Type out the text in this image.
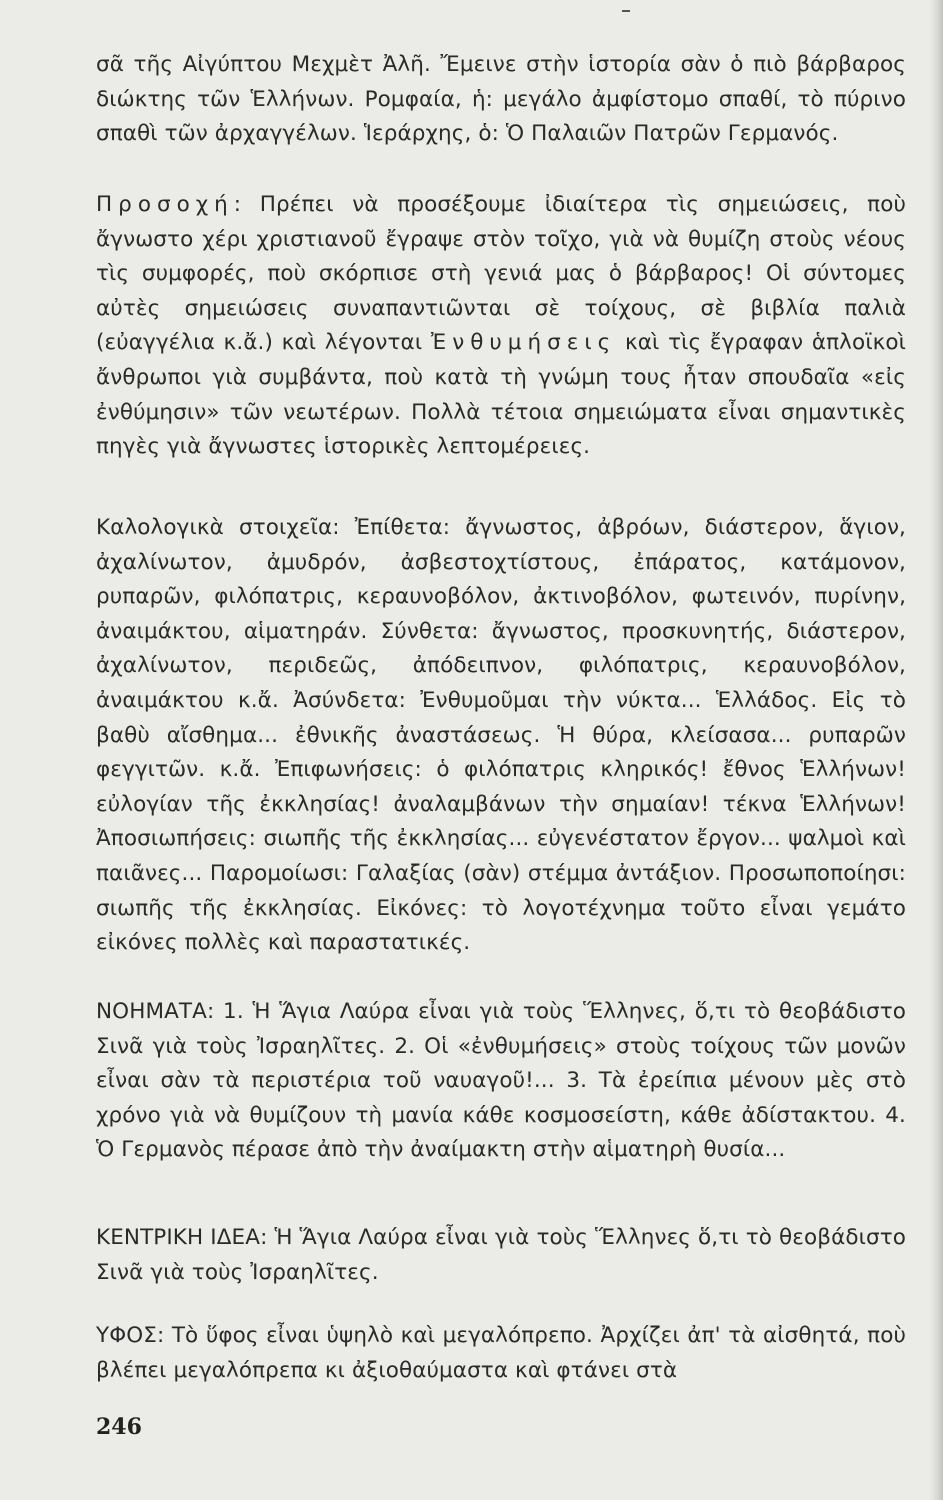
σᾶ τῆς Αἰγύπτου Μεχμὲτ Ἀλῆ. Ἔμεινε στὴν ἱστορία σὰν ὁ πιὸ βάρβαρος διώκτης τῶν Ἑλλήνων. Ρομφαία, ἡ: μεγάλο ἀμφίστομο σπαθί, τὸ πύρινο σπαθὶ τῶν ἀρχαγγέλων. Ἱεράρχης, ὁ: Ὁ Παλαιῶν Πατρῶν Γερμανός.

Προσοχή: Πρέπει νὰ προσέξουμε ἰδιαίτερα τὶς σημειώσεις, ποὺ ἄγνωστο χέρι χριστιανοῦ ἔγραψε στὸν τοῖχο, γιὰ νὰ θυμίζη στοὺς νέους τὶς συμφορές, ποὺ σκόρπισε στὴ γενιά μας ὁ βάρβαρος! Οἱ σύντομες αὐτὲς σημειώσεις συναπαντιῶνται σὲ τοίχους, σὲ βιβλία παλιὰ (εὐαγγέλια κ.ἄ.) καὶ λέγονται Ἐνθυμήσεις καὶ τὶς ἔγραφαν ἁπλοϊκοὶ ἄνθρωποι γιὰ συμβάντα, ποὺ κατὰ τὴ γνώμη τους ἦταν σπουδαῖα «εἰς ἐνθύμησιν» τῶν νεωτέρων. Πολλὰ τέτοια σημειώματα εἶναι σημαντικὲς πηγὲς γιὰ ἄγνωστες ἱστορικὲς λεπτομέρειες.

Καλολογικὰ στοιχεῖα: Ἐπίθετα: ἄγνωστος, ἀβρόων, διάστερον, ἅγιον, ἀχαλίνωτον, ἀμυδρόν, ἀσβεστοχτίστους, ἐπάρατος, κατάμονον, ρυπαρῶν, φιλόπατρις, κεραυνοβόλον, ἀκτινοβόλον, φωτεινόν, πυρίνην, ἀναιμάκτου, αἱματηράν. Σύνθετα: ἄγνωστος, προσκυνητής, διάστερον, ἀχαλίνωτον, περιδεῶς, ἀπόδειπνον, φιλόπατρις, κεραυνοβόλον, ἀναιμάκτου κ.ἄ. Ἀσύνδετα: Ἐνθυμοῦμαι τὴν νύκτα... Ἑλλάδος. Εἰς τὸ βαθὺ αἴσθημα... ἐθνικῆς ἀναστάσεως. Ἡ θύρα, κλείσασα... ρυπαρῶν φεγγιτῶν. κ.ἄ. Ἐπιφωνήσεις: ὁ φιλόπατρις κληρικός! ἔθνος Ἑλλήνων! εὐλογίαν τῆς ἐκκλησίας! ἀναλαμβάνων τὴν σημαίαν! τέκνα Ἑλλήνων! Ἀποσιωπήσεις: σιωπῆς τῆς ἐκκλησίας... εὐγενέστατον ἔργον... ψαλμοὶ καὶ παιᾶνες... Παρομοίωσι: Γαλαξίας (σὰν) στέμμα ἀντάξιον. Προσωποποίησι: σιωπῆς τῆς ἐκκλησίας. Εἰκόνες: τὸ λογοτέχνημα τοῦτο εἶναι γεμάτο εἰκόνες πολλὲς καὶ παραστατικές.

ΝΟΗΜΑΤΑ: 1. Ἡ Ἅγια Λαύρα εἶναι γιὰ τοὺς Ἕλληνες, ὅ,τι τὸ θεοβάδιστο Σινᾶ γιὰ τοὺς Ἰσραηλῖτες. 2. Οἱ «ἐνθυμήσεις» στοὺς τοίχους τῶν μονῶν εἶναι σὰν τὰ περιστέρια τοῦ ναυαγοῦ!... 3. Τὰ ἐρείπια μένουν μὲς στὸ χρόνο γιὰ νὰ θυμίζουν τὴ μανία κάθε κοσμοσείστη, κάθε ἀδίστακτου. 4. Ὁ Γερμανὸς πέρασε ἀπὸ τὴν ἀναίμακτη στὴν αἱματηρὴ θυσία...

ΚΕΝΤΡΙΚΗ ΙΔΕΑ: Ἡ Ἅγια Λαύρα εἶναι γιὰ τοὺς Ἕλληνες ὅ,τι τὸ θεοβάδιστο Σινᾶ γιὰ τοὺς Ἰσραηλῖτες.

ΥΦΟΣ: Τὸ ὕφος εἶναι ὑψηλὸ καὶ μεγαλόπρεπο. Ἀρχίζει ἀπ' τὰ αἰσθητά, ποὺ βλέπει μεγαλόπρεπα κι ἀξιοθαύμαστα καὶ φτάνει στὰ

246
